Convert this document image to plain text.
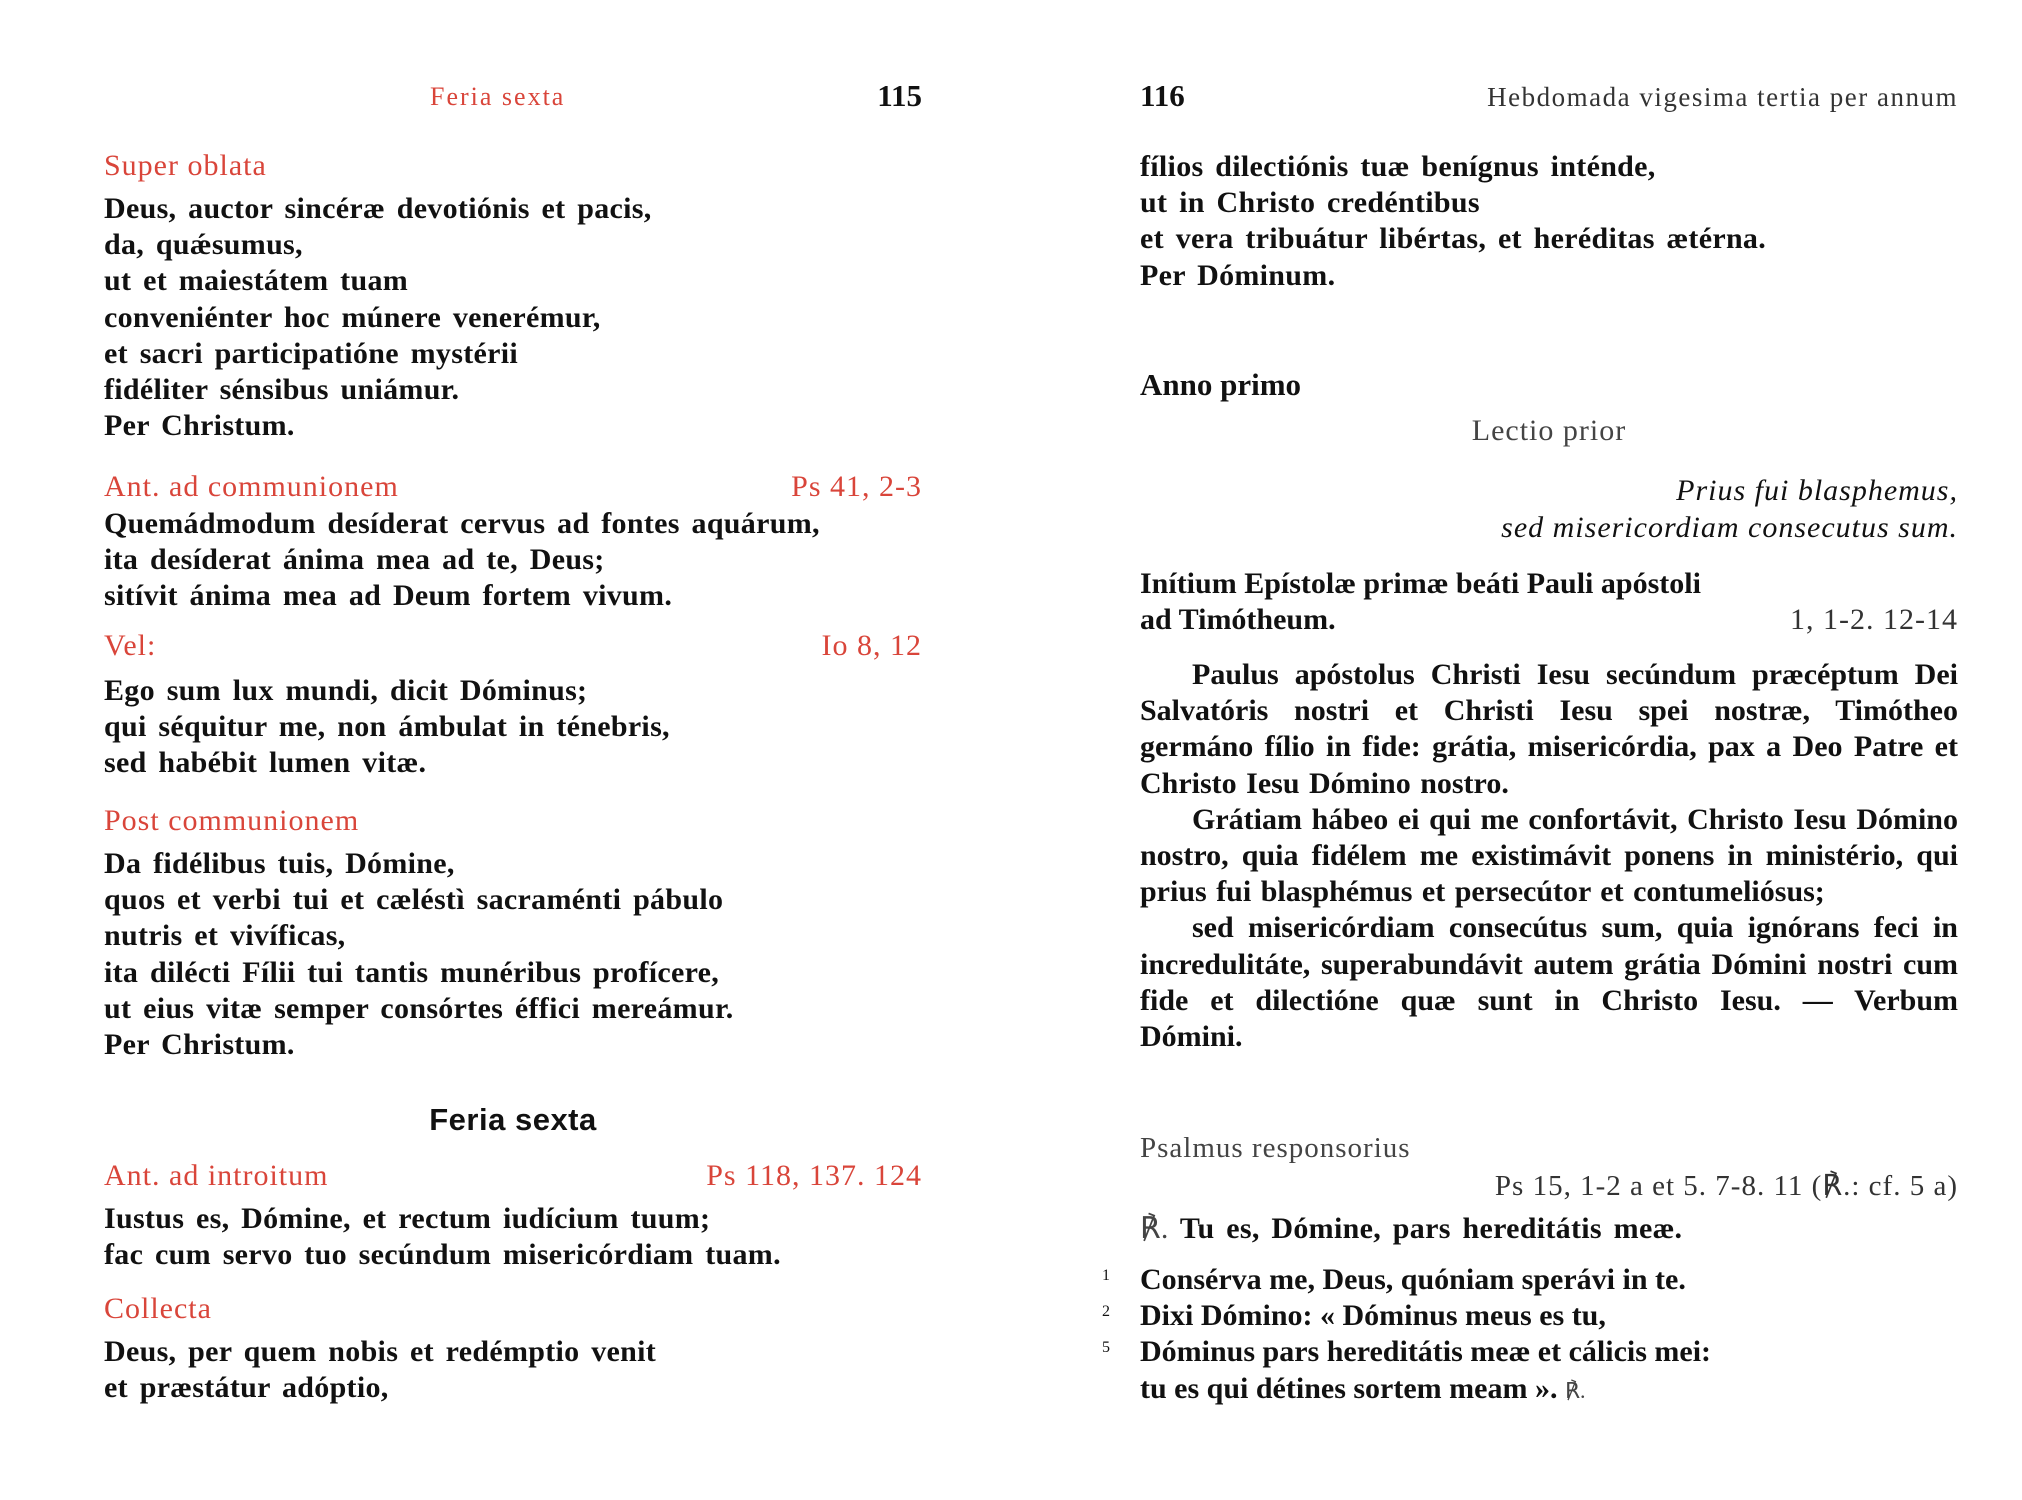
Feria sexta	115
Super oblata
Deus, auctor sincéræ devotiónis et pacis,
da, quǽsumus,
ut et maiestátem tuam
conveniénter hoc múnere venerémur,
et sacri participatióne mystérii
fidéliter sénsibus uniámur.
Per Christum.
Ant. ad communionem	Ps 41, 2-3
Quemádmodum desíderat cervus ad fontes aquárum,
ita desíderat ánima mea ad te, Deus;
sitívit ánima mea ad Deum fortem vivum.
Vel:	Io 8, 12
Ego sum lux mundi, dicit Dóminus;
qui séquitur me, non ámbulat in ténebris,
sed habébit lumen vitæ.
Post communionem
Da fidélibus tuis, Dómine,
quos et verbi tui et cæléstì sacraménti pábulo
nutris et vivíficas,
ita dilécti Fílii tui tantis munéribus profícere,
ut eius vitæ semper consórtes éffici mereámur.
Per Christum.
Feria sexta
Ant. ad introitum	Ps 118, 137. 124
Iustus es, Dómine, et rectum iudícium tuum;
fac cum servo tuo secúndum misericórdiam tuam.
Collecta
Deus, per quem nobis et redémptio venit
et præstátur adóptio,
116	Hebdomada vigesima tertia per annum
fílios dilectiónis tuæ benígnus inténde,
ut in Christo credéntibus
et vera tribuátur libértas, et heréditas ætérna.
Per Dóminum.
Anno primo
Lectio prior
Prius fui blasphemus,
sed misericordiam consecutus sum.
Inítium Epístolæ primæ beáti Pauli apóstoli
ad Timótheum.	1, 1-2. 12-14

Paulus apóstolus Christi Iesu secúndum præcéptum Dei Salvatóris nostri et Christi Iesu spei nostræ, Timótheo germáno fílio in fide: grátia, misericórdia, pax a Deo Patre et Christo Iesu Dómino nostro.

Grátiam hábeo ei qui me confortávit, Christo Iesu Dómino nostro, quia fidélem me existimávit ponens in ministério, qui prius fui blasphémus et persecútor et contumeliósus;

sed misericórdiam consecútus sum, quia ignórans feci in incredulitáte, superabundávit autem grátia Dómini nostri cum fide et dilectióne quæ sunt in Christo Iesu. — Verbum Dómini.

Psalmus responsorius
Ps 15, 1-2 a et 5. 7-8. 11 (℟.: cf. 5 a)
℟. Tu es, Dómine, pars hereditátis meæ.
1 Consérva me, Deus, quóniam sperávi in te.
2 Dixi Dómino: « Dóminus meus es tu,
5 Dóminus pars hereditátis meæ et cálicis mei:
tu es qui détines sortem meam ». ℟.
